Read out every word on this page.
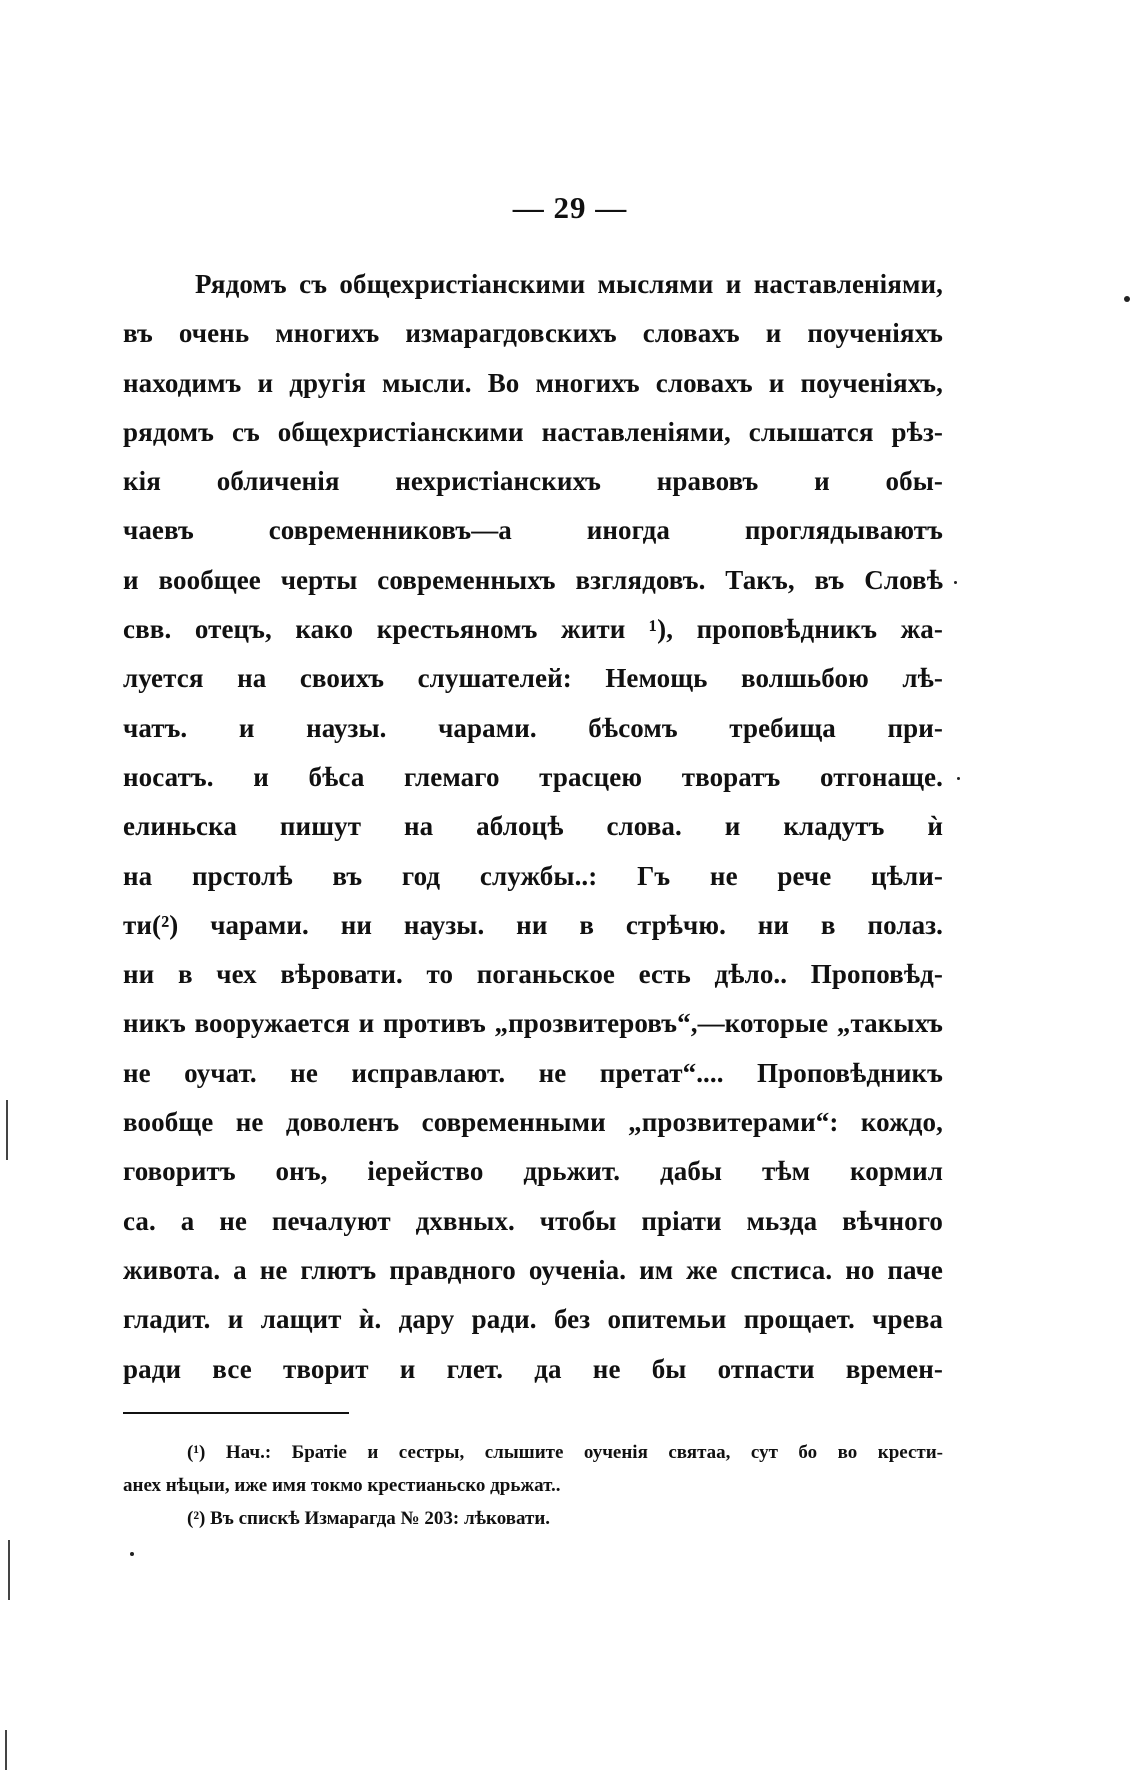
— 29 —
Рядомъ съ общехристіанскими мыслями и наставленіями,
въ очень многихъ измарагдовскихъ словахъ и поученіяхъ
находимъ и другія мысли. Во многихъ словахъ и поученіяхъ,
рядомъ съ общехристіанскими наставленіями, слышатся рѣз-
кія обличенія нехристіанскихъ нравовъ и обы-
чаевъ современниковъ—а иногда проглядываютъ
и вообщее черты современныхъ взглядовъ. Такъ, въ Словѣ
свв. отецъ, како крестьяномъ жити ¹), проповѣдникъ жа-
луется на своихъ слушателей: Немощь волшьбою лѣ-
чатъ. и наузы. чарами. бѣсомъ требища при-
носатъ. и бѣса глемаго трасцею творатъ отгонаще.
елиньска пишут на аблоцѣ слова. и кладутъ ѝ
на прстолѣ въ год службы..: Гъ не рече цѣли-
ти(²) чарами. ни наузы. ни в стрѣчю. ни в полаз.
ни в чех вѣровати. то поганьское есть дѣло.. Проповѣд-
никъ вооружается и противъ „прозвитеровъ“,—которые „такыхъ
не оучат. не исправлают. не претат“.... Проповѣдникъ
вообще не доволенъ современными „прозвитерами“: кождо,
говоритъ онъ, іерейство дрьжит. дабы тѣм кормил
са. а не печалуют дхвных. чтобы пріати мьзда вѣчного
живота. а не глютъ правдного оученіа. им же спстиса. но паче
гладит. и лащит ѝ. дару ради. без опитемьи прощает. чрева
ради все творит и глет. да не бы отпасти времен-
(¹) Нач.: Братіе и сестры, слышите оученія святаа, сут бо во крести-
анех нѣцыи, иже имя токмо крестианьско дрьжат..
(²) Въ спискѣ Измарагда № 203: лѣковати.
